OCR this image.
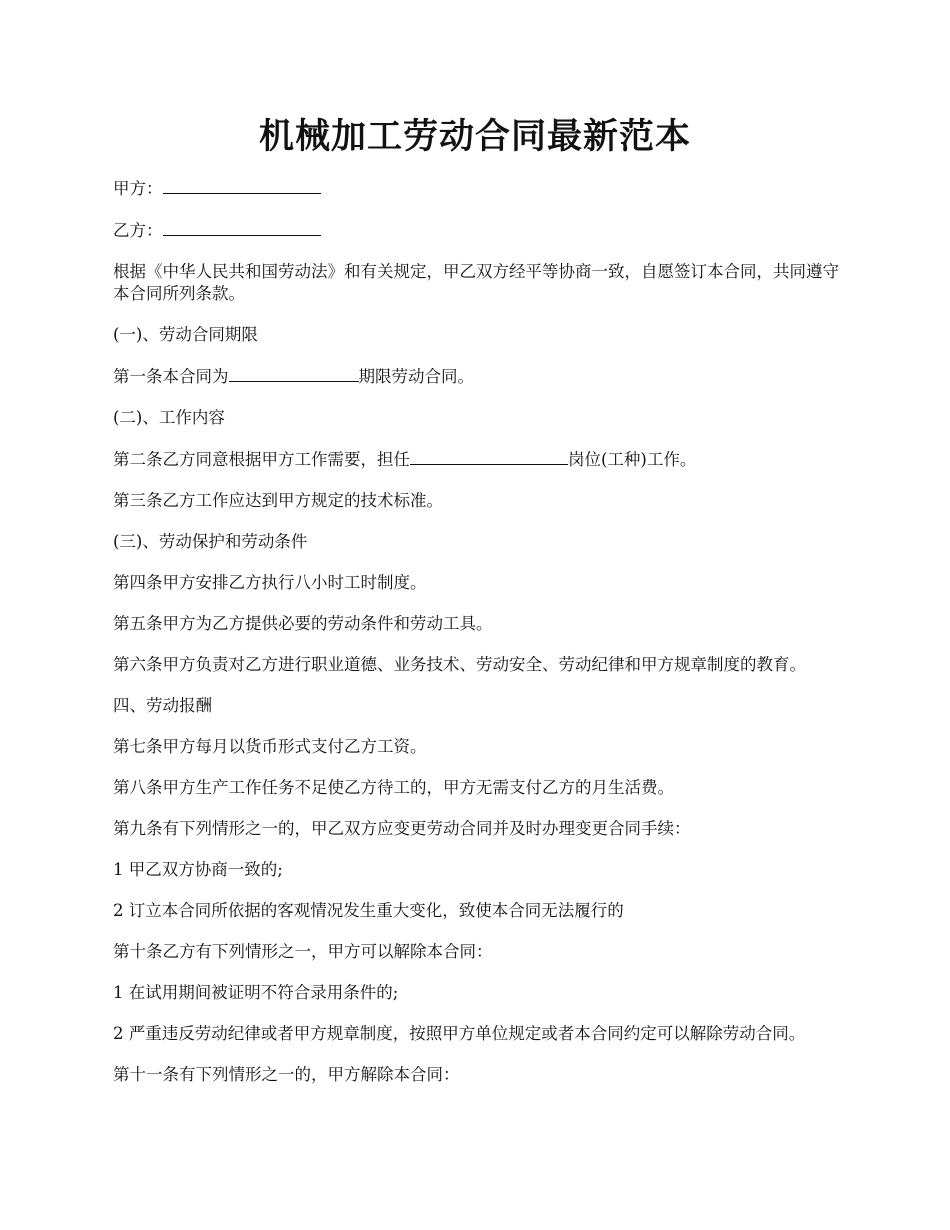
机械加工劳动合同最新范本

甲方：

乙方：

根据《中华人民共和国劳动法》和有关规定，甲乙双方经平等协商一致，自愿签订本合同，共同遵守本合同所列条款。

(一)、劳动合同期限

第一条本合同为	期限劳动合同。

(二)、工作内容

第二条乙方同意根据甲方工作需要，担任	岗位(工种)工作。

第三条乙方工作应达到甲方规定的技术标准。

(三)、劳动保护和劳动条件

第四条甲方安排乙方执行八小时工时制度。

第五条甲方为乙方提供必要的劳动条件和劳动工具。

第六条甲方负责对乙方进行职业道德、业务技术、劳动安全、劳动纪律和甲方规章制度的教育。

四、劳动报酬

第七条甲方每月以货币形式支付乙方工资。

第八条甲方生产工作任务不足使乙方待工的，甲方无需支付乙方的月生活费。

第九条有下列情形之一的，甲乙双方应变更劳动合同并及时办理变更合同手续：

1 甲乙双方协商一致的;

2 订立本合同所依据的客观情况发生重大变化，致使本合同无法履行的

第十条乙方有下列情形之一，甲方可以解除本合同：

1 在试用期间被证明不符合录用条件的;

2 严重违反劳动纪律或者甲方规章制度，按照甲方单位规定或者本合同约定可以解除劳动合同。

第十一条有下列情形之一的，甲方解除本合同：
